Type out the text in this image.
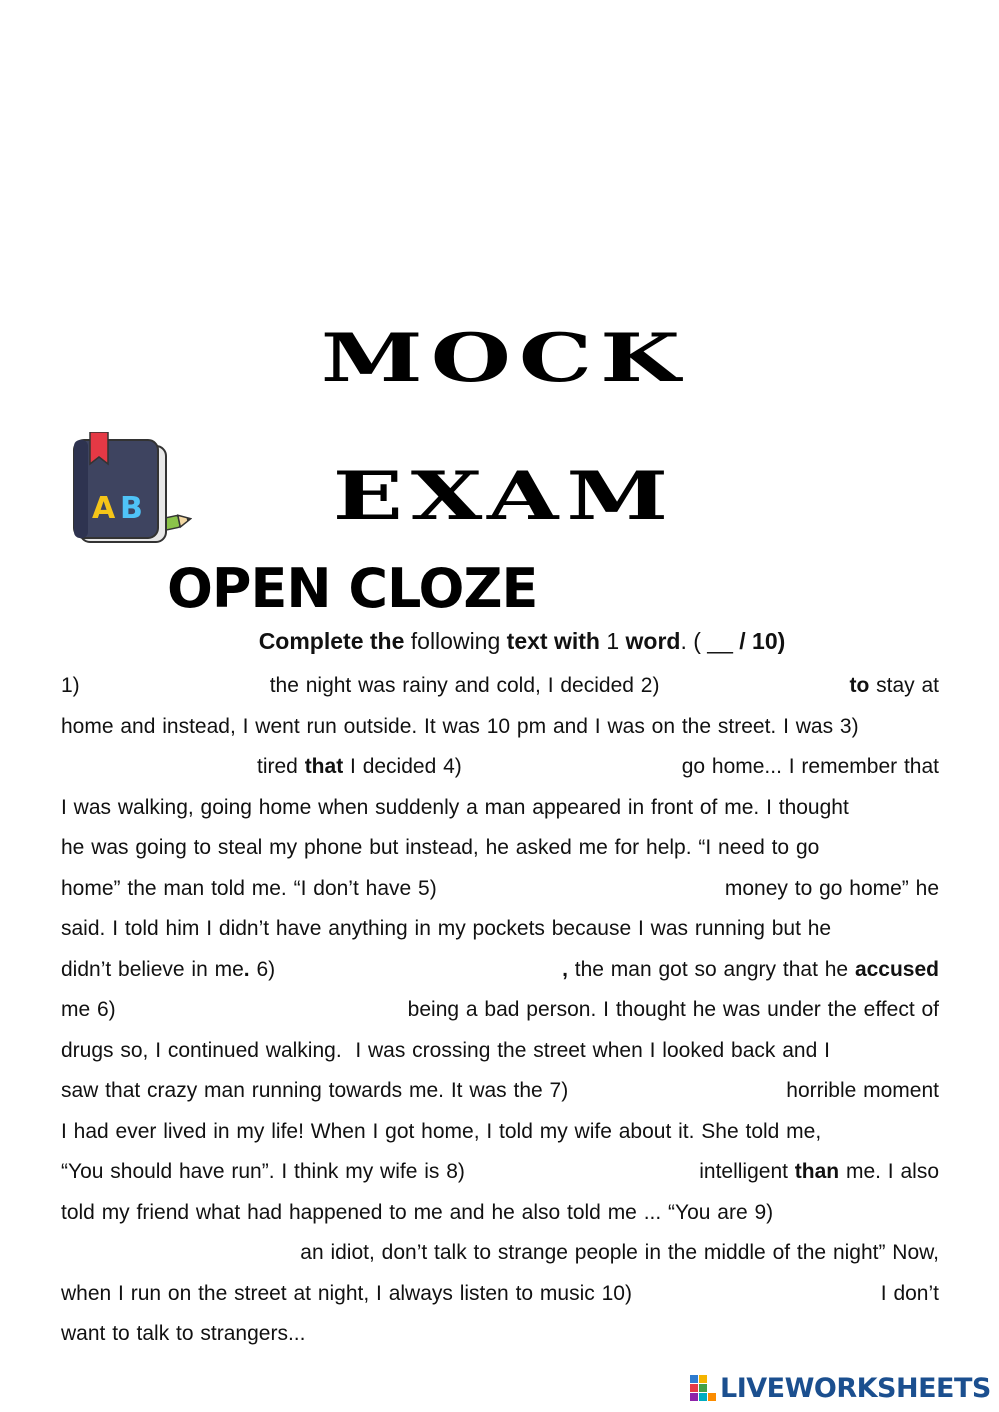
MOCK
EXAM
A B
OPEN CLOZE
Complete the following text with 1 word. ( __ / 10)
1)	the night was rainy and cold, I decided 2)	to stay at
home and instead, I went run outside. It was 10 pm and I was on the street. I was 3)
tired that I decided 4)	go home... I remember that
I was walking, going home when suddenly a man appeared in front of me. I thought
he was going to steal my phone but instead, he asked me for help. “I need to go
home” the man told me. “I don’t have 5)	money to go home” he
said. I told him I didn’t have anything in my pockets because I was running but he
didn’t believe in me. 6)	, the man got so angry that he accused
me 6)	being a bad person. I thought he was under the effect of
drugs so, I continued walking.  I was crossing the street when I looked back and I
saw that crazy man running towards me. It was the 7)	horrible moment
I had ever lived in my life! When I got home, I told my wife about it. She told me,
“You should have run”. I think my wife is 8)	intelligent than me. I also
told my friend what had happened to me and he also told me ... “You are 9)
an idiot, don’t talk to strange people in the middle of the night” Now,
when I run on the street at night, I always listen to music 10)	I don’t
want to talk to strangers...
LIVEWORKSHEETS
